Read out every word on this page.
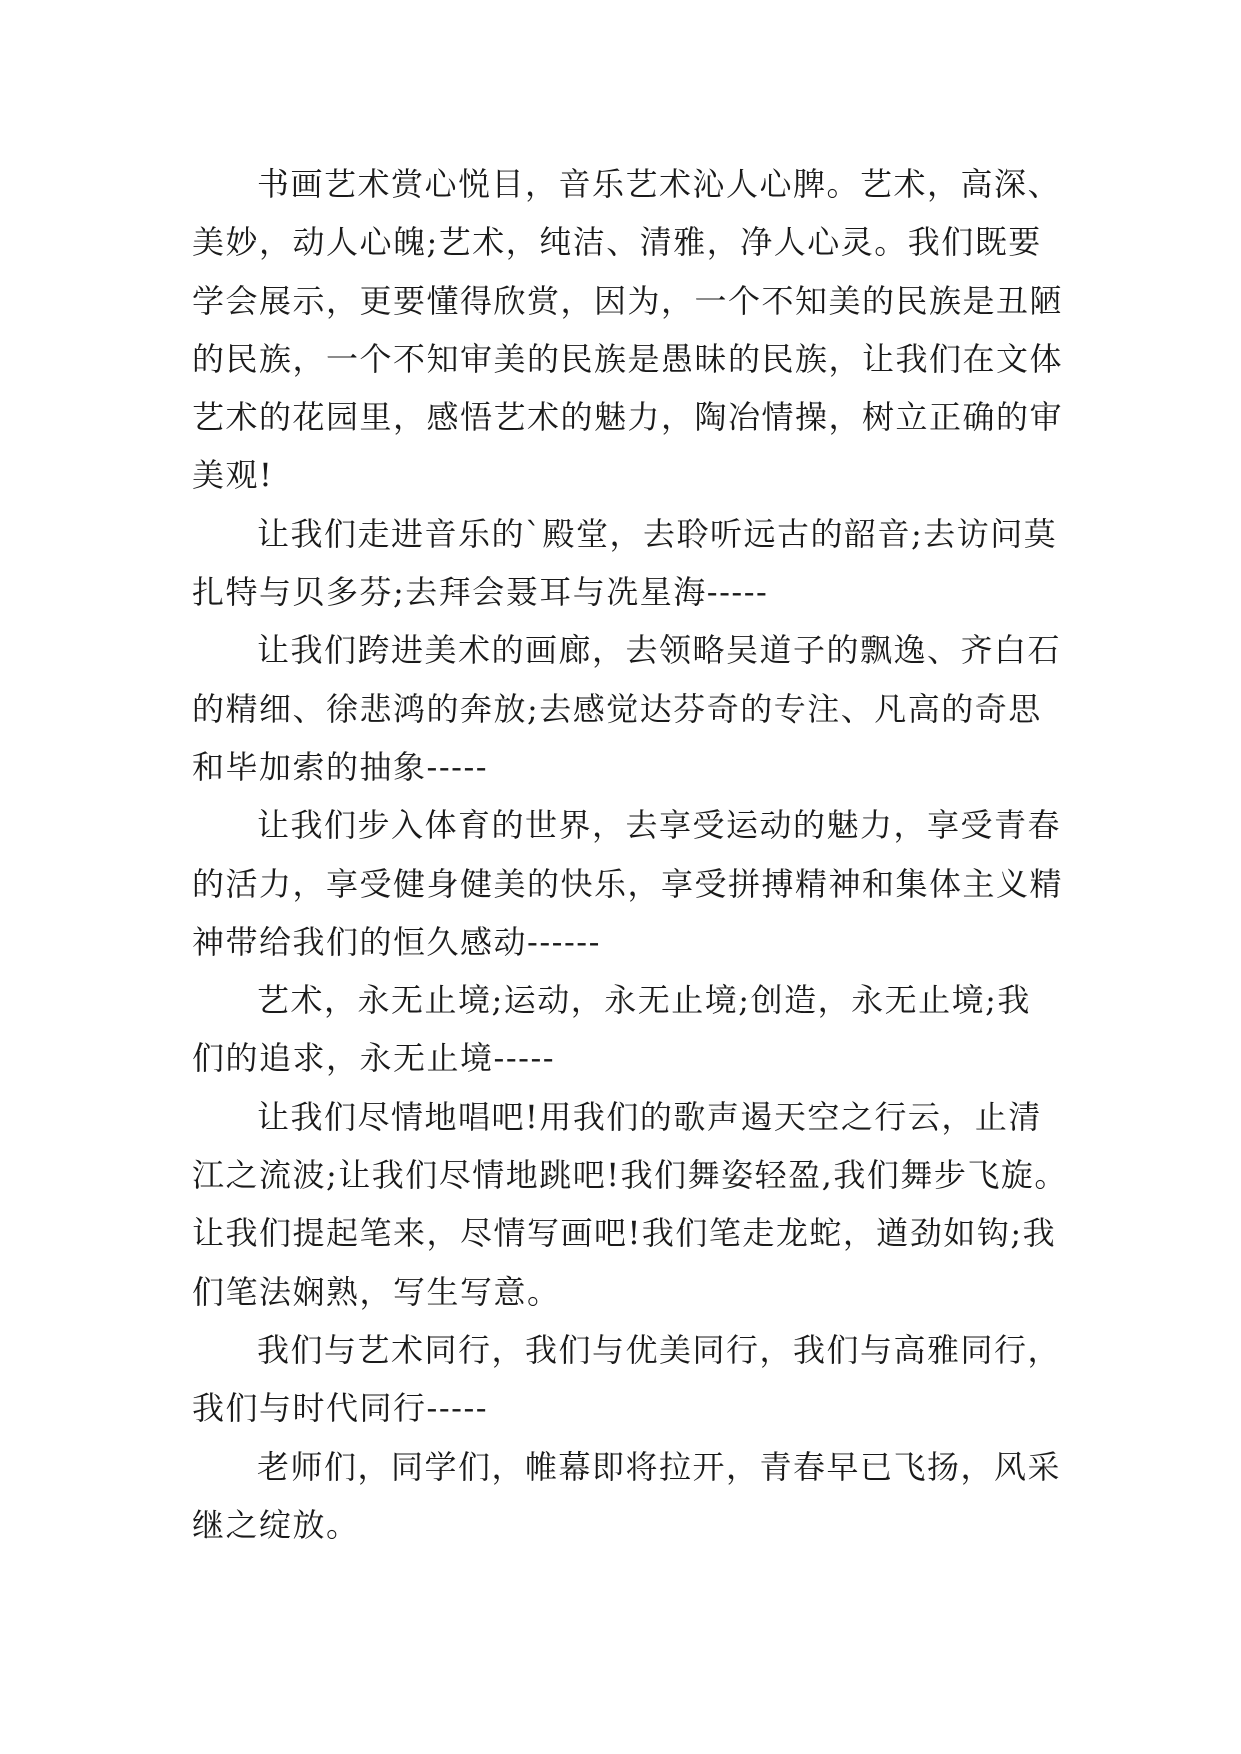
书画艺术赏心悦目，音乐艺术沁人心脾。艺术，高深、
美妙，动人心魄;艺术，纯洁、清雅，净人心灵。我们既要
学会展示，更要懂得欣赏，因为，一个不知美的民族是丑陋
的民族，一个不知审美的民族是愚昧的民族，让我们在文体
艺术的花园里，感悟艺术的魅力，陶冶情操，树立正确的审
美观!
让我们走进音乐的`殿堂，去聆听远古的韶音;去访问莫
扎特与贝多芬;去拜会聂耳与冼星海-----
让我们跨进美术的画廊，去领略吴道子的飘逸、齐白石
的精细、徐悲鸿的奔放;去感觉达芬奇的专注、凡高的奇思
和毕加索的抽象-----
让我们步入体育的世界，去享受运动的魅力，享受青春
的活力，享受健身健美的快乐，享受拼搏精神和集体主义精
神带给我们的恒久感动------
艺术，永无止境;运动，永无止境;创造，永无止境;我
们的追求，永无止境-----
让我们尽情地唱吧!用我们的歌声遏天空之行云，止清
江之流波;让我们尽情地跳吧!我们舞姿轻盈,我们舞步飞旋。
让我们提起笔来，尽情写画吧!我们笔走龙蛇，遒劲如钩;我
们笔法娴熟，写生写意。
我们与艺术同行，我们与优美同行，我们与高雅同行，
我们与时代同行-----
老师们，同学们，帷幕即将拉开，青春早已飞扬，风采
继之绽放。
